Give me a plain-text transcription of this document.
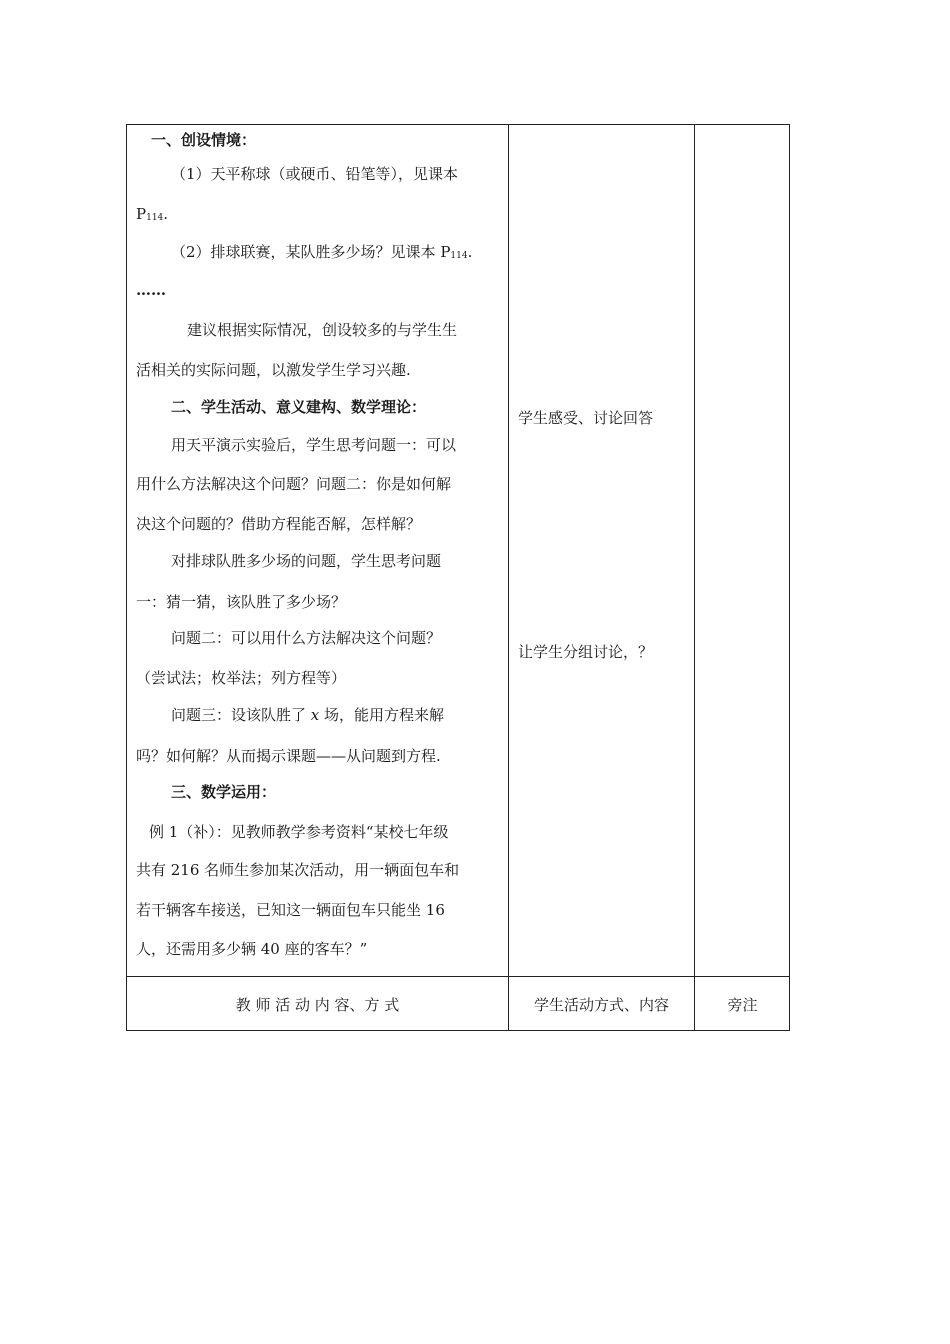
一、创设情境：
（1）天平称球（或硬币、铅笔等），见课本
$P_{114}$.
（2）排球联赛，某队胜多少场？见课本 $P_{114}$.
……
建议根据实际情况，创设较多的与学生生
活相关的实际问题，以激发学生学习兴趣.
二、学生活动、意义建构、数学理论：
用天平演示实验后，学生思考问题一：可以
用什么方法解决这个问题？问题二：你是如何解
决这个问题的？借助方程能否解，怎样解？
对排球队胜多少场的问题，学生思考问题
一：猜一猜，该队胜了多少场？
问题二：可以用什么方法解决这个问题？
（尝试法；枚举法；列方程等）
问题三：设该队胜了 x 场，能用方程来解
吗？如何解？从而揭示课题——从问题到方程.
三、数学运用：
例 1（补）：见教师教学参考资料“某校七年级
共有 216 名师生参加某次活动，用一辆面包车和
若干辆客车接送，已知这一辆面包车只能坐 16
人，还需用多少辆 40 座的客车？”
学生感受、讨论回答
让学生分组讨论，？
教 师 活 动 内 容、方 式	学生活动方式、内容	旁注
